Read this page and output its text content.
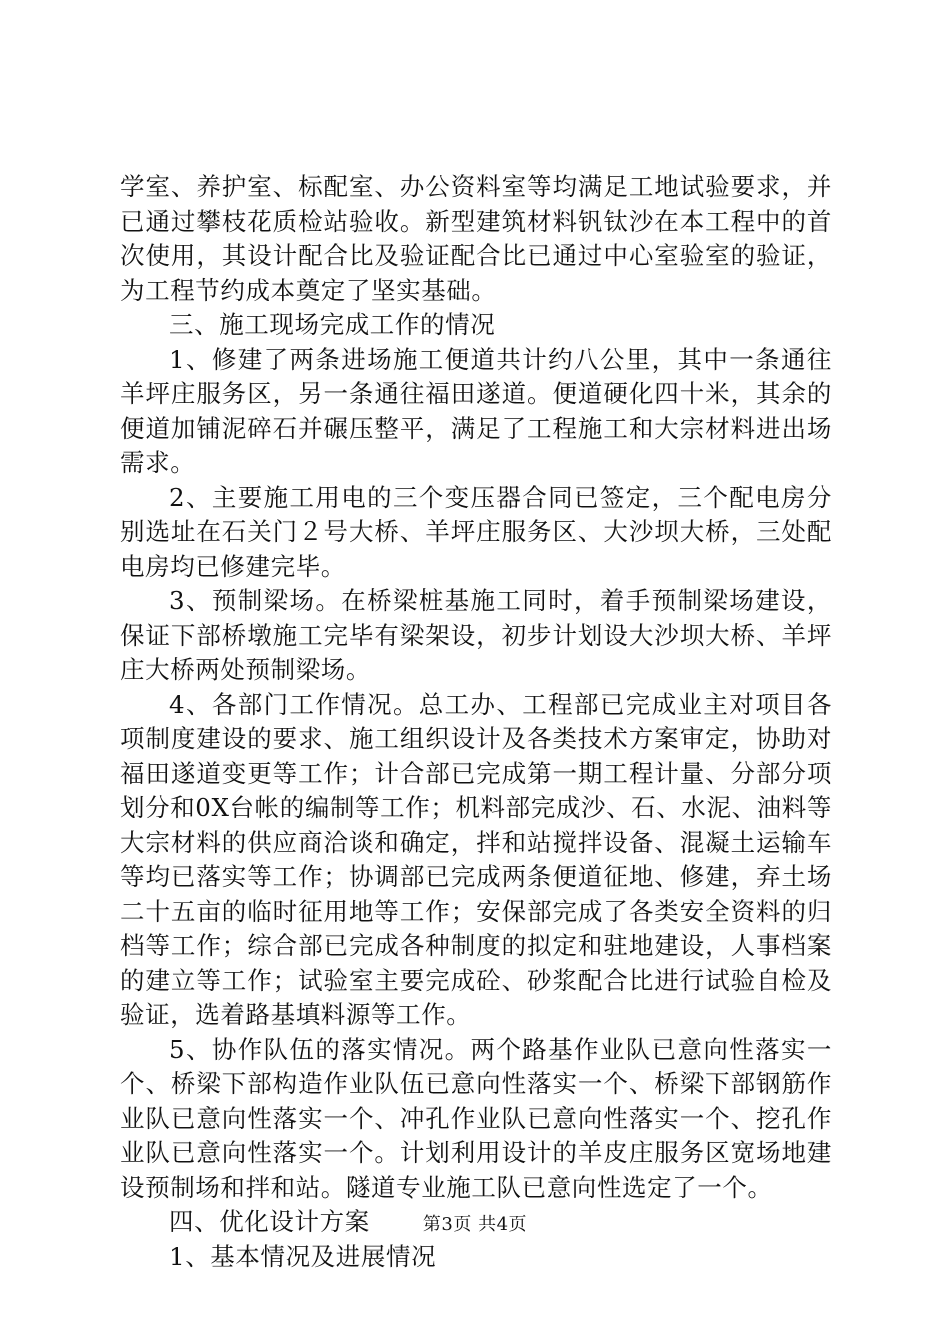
学室、养护室、标配室、办公资料室等均满足工地试验要求，并已通过攀枝花质检站验收。新型建筑材料钒钛沙在本工程中的首次使用，其设计配合比及验证配合比已通过中心室验室的验证，为工程节约成本奠定了坚实基础。

三、施工现场完成工作的情况

1、修建了两条进场施工便道共计约八公里，其中一条通往羊坪庄服务区，另一条通往福田遂道。便道硬化四十米，其余的便道加铺泥碎石并碾压整平，满足了工程施工和大宗材料进出场需求。

2、主要施工用电的三个变压器合同已签定，三个配电房分别选址在石关门２号大桥、羊坪庄服务区、大沙坝大桥，三处配电房均已修建完毕。

3、预制梁场。在桥梁桩基施工同时，着手预制梁场建设，保证下部桥墩施工完毕有梁架设，初步计划设大沙坝大桥、羊坪庄大桥两处预制梁场。

4、各部门工作情况。总工办、工程部已完成业主对项目各项制度建设的要求、施工组织设计及各类技术方案审定，协助对福田遂道变更等工作；计合部已完成第一期工程计量、分部分项划分和0X台帐的编制等工作；机料部完成沙、石、水泥、油料等大宗材料的供应商洽谈和确定，拌和站搅拌设备、混凝土运输车等均已落实等工作；协调部已完成两条便道征地、修建，弃土场二十五亩的临时征用地等工作；安保部完成了各类安全资料的归档等工作；综合部已完成各种制度的拟定和驻地建设，人事档案的建立等工作；试验室主要完成砼、砂浆配合比进行试验自检及验证，选着路基填料源等工作。

5、协作队伍的落实情况。两个路基作业队已意向性落实一个、桥梁下部构造作业队伍已意向性落实一个、桥梁下部钢筋作业队已意向性落实一个、冲孔作业队已意向性落实一个、挖孔作业队已意向性落实一个。计划利用设计的羊皮庄服务区宽场地建设预制场和拌和站。隧道专业施工队已意向性选定了一个。

四、优化设计方案

1、基本情况及进展情况

第3页 共4页
